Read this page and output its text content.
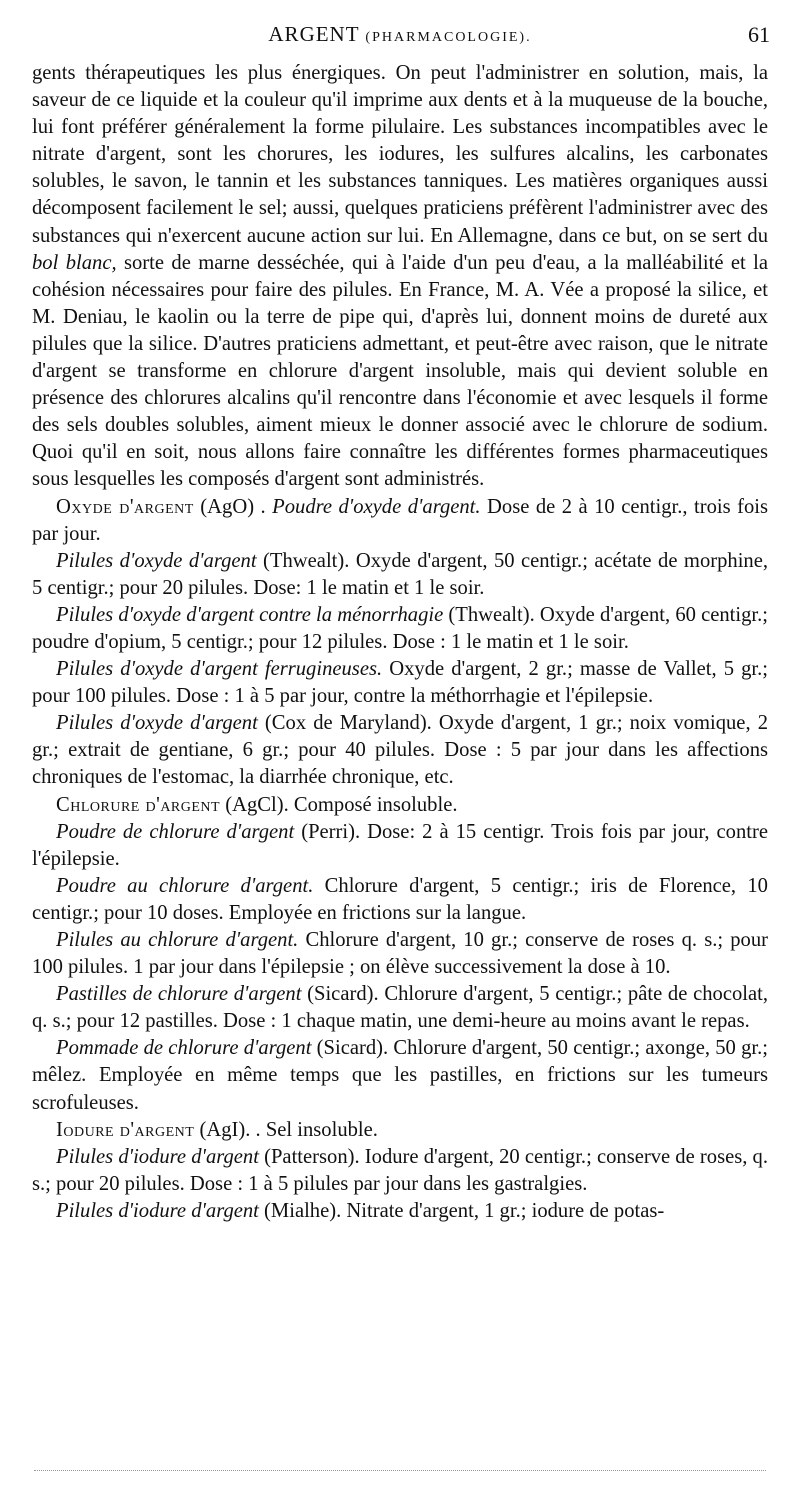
ARGENT (PHARMACOLOGIE).	61

gents thérapeutiques les plus énergiques. On peut l'administrer en solution, mais, la saveur de ce liquide et la couleur qu'il imprime aux dents et à la muqueuse de la bouche, lui font préférer généralement la forme pilulaire. Les substances incompatibles avec le nitrate d'argent, sont les chorures, les iodures, les sulfures alcalins, les carbonates solubles, le savon, le tannin et les substances tanniques. Les matières organiques aussi décomposent facilement le sel; aussi, quelques praticiens préfèrent l'administrer avec des substances qui n'exercent aucune action sur lui. En Allemagne, dans ce but, on se sert du bol blanc, sorte de marne desséchée, qui à l'aide d'un peu d'eau, a la malléabilité et la cohésion nécessaires pour faire des pilules. En France, M. A. Vée a proposé la silice, et M. Deniau, le kaolin ou la terre de pipe qui, d'après lui, donnent moins de dureté aux pilules que la silice. D'autres praticiens admettant, et peut-être avec raison, que le nitrate d'argent se transforme en chlorure d'argent insoluble, mais qui devient soluble en présence des chlorures alcalins qu'il rencontre dans l'économie et avec lesquels il forme des sels doubles solubles, aiment mieux le donner associé avec le chlorure de sodium. Quoi qu'il en soit, nous allons faire connaître les différentes formes pharmaceutiques sous lesquelles les composés d'argent sont administrés.

Oxyde d'argent (AgO) . Poudre d'oxyde d'argent. Dose de 2 à 10 centigr., trois fois par jour.

Pilules d'oxyde d'argent (Thwealt). Oxyde d'argent, 50 centigr.; acétate de morphine, 5 centigr.; pour 20 pilules. Dose: 1 le matin et 1 le soir.

Pilules d'oxyde d'argent contre la ménorrhagie (Thwealt). Oxyde d'argent, 60 centigr.; poudre d'opium, 5 centigr.; pour 12 pilules. Dose : 1 le matin et 1 le soir.

Pilules d'oxyde d'argent ferrugineuses. Oxyde d'argent, 2 gr.; masse de Vallet, 5 gr.; pour 100 pilules. Dose : 1 à 5 par jour, contre la méthorrhagie et l'épilepsie.

Pilules d'oxyde d'argent (Cox de Maryland). Oxyde d'argent, 1 gr.; noix vomique, 2 gr.; extrait de gentiane, 6 gr.; pour 40 pilules. Dose : 5 par jour dans les affections chroniques de l'estomac, la diarrhée chronique, etc.

Chlorure d'argent (AgCl). Composé insoluble.

Poudre de chlorure d'argent (Perri). Dose: 2 à 15 centigr. Trois fois par jour, contre l'épilepsie.

Poudre au chlorure d'argent. Chlorure d'argent, 5 centigr.; iris de Florence, 10 centigr.; pour 10 doses. Employée en frictions sur la langue.

Pilules au chlorure d'argent. Chlorure d'argent, 10 gr.; conserve de roses q. s.; pour 100 pilules. 1 par jour dans l'épilepsie ; on élève successivement la dose à 10.

Pastilles de chlorure d'argent (Sicard). Chlorure d'argent, 5 centigr.; pâte de chocolat, q. s.; pour 12 pastilles. Dose : 1 chaque matin, une demi-heure au moins avant le repas.

Pommade de chlorure d'argent (Sicard). Chlorure d'argent, 50 centigr.; axonge, 50 gr.; mêlez. Employée en même temps que les pastilles, en frictions sur les tumeurs scrofuleuses.

Iodure d'argent (AgI). . Sel insoluble.

Pilules d'iodure d'argent (Patterson). Iodure d'argent, 20 centigr.; conserve de roses, q. s.; pour 20 pilules. Dose : 1 à 5 pilules par jour dans les gastralgies.

Pilules d'iodure d'argent (Mialhe). Nitrate d'argent, 1 gr.; iodure de potas-
